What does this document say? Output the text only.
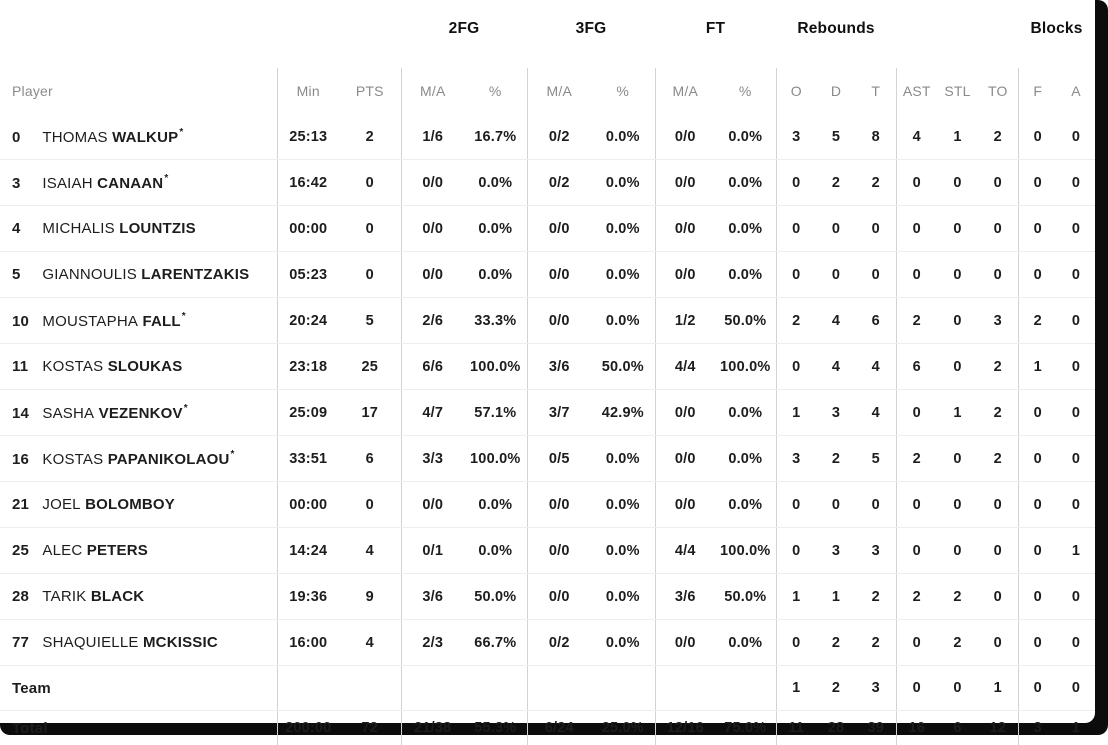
			2FG		3FG		FT		Rebounds						Blocks	
Player	Min	PTS	M/A	%	M/A	%	M/A	%	O	D	T	AST	STL	TO	F	A
0 THOMAS WALKUP*	25:13	2	1/6	16.7%	0/2	0.0%	0/0	0.0%	3	5	8	4	1	2	0	0
3 ISAIAH CANAAN*	16:42	0	0/0	0.0%	0/2	0.0%	0/0	0.0%	0	2	2	0	0	0	0	0
4 MICHALIS LOUNTZIS	00:00	0	0/0	0.0%	0/0	0.0%	0/0	0.0%	0	0	0	0	0	0	0	0
5 GIANNOULIS LARENTZAKIS	05:23	0	0/0	0.0%	0/0	0.0%	0/0	0.0%	0	0	0	0	0	0	0	0
10 MOUSTAPHA FALL*	20:24	5	2/6	33.3%	0/0	0.0%	1/2	50.0%	2	4	6	2	0	3	2	0
11 KOSTAS SLOUKAS	23:18	25	6/6	100.0%	3/6	50.0%	4/4	100.0%	0	4	4	6	0	2	1	0
14 SASHA VEZENKOV*	25:09	17	4/7	57.1%	3/7	42.9%	0/0	0.0%	1	3	4	0	1	2	0	0
16 KOSTAS PAPANIKOLAOU*	33:51	6	3/3	100.0%	0/5	0.0%	0/0	0.0%	3	2	5	2	0	2	0	0
21 JOEL BOLOMBOY	00:00	0	0/0	0.0%	0/0	0.0%	0/0	0.0%	0	0	0	0	0	0	0	0
25 ALEC PETERS	14:24	4	0/1	0.0%	0/0	0.0%	4/4	100.0%	0	3	3	0	0	0	0	1
28 TARIK BLACK	19:36	9	3/6	50.0%	0/0	0.0%	3/6	50.0%	1	1	2	2	2	0	0	0
77 SHAQUIELLE MCKISSIC	16:00	4	2/3	66.7%	0/2	0.0%	0/0	0.0%	0	2	2	0	2	0	0	0
Team									1	2	3	0	0	1	0	0
Total	200:00	72	21/38	55.3%	6/24	25.0%	12/16	75.0%	11	28	39	16	6	12	3	1
